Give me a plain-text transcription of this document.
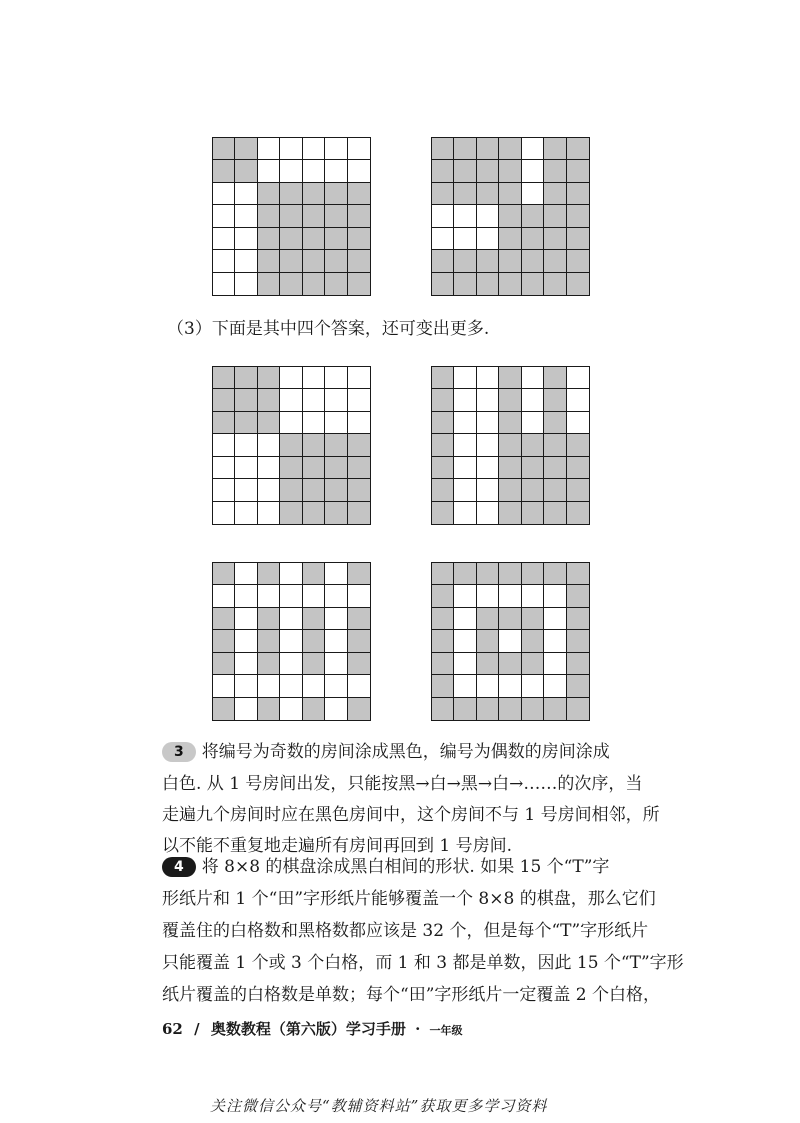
（3）下面是其中四个答案，还可变出更多.
3 将编号为奇数的房间涂成黑色，编号为偶数的房间涂成
白色. 从 1 号房间出发，只能按黑→白→黑→白→……的次序，当
走遍九个房间时应在黑色房间中，这个房间不与 1 号房间相邻，所
以不能不重复地走遍所有房间再回到 1 号房间.
4 将 8×8 的棋盘涂成黑白相间的形状. 如果 15 个“T”字
形纸片和 1 个“田”字形纸片能够覆盖一个 8×8 的棋盘，那么它们
覆盖住的白格数和黑格数都应该是 32 个，但是每个“T”字形纸片
只能覆盖 1 个或 3 个白格，而 1 和 3 都是单数，因此 15 个“T”字形
纸片覆盖的白格数是单数；每个“田”字形纸片一定覆盖 2 个白格，
62 / 奥数教程（第六版）学习手册 · 一年级
关注微信公众号“教辅资料站”获取更多学习资料
